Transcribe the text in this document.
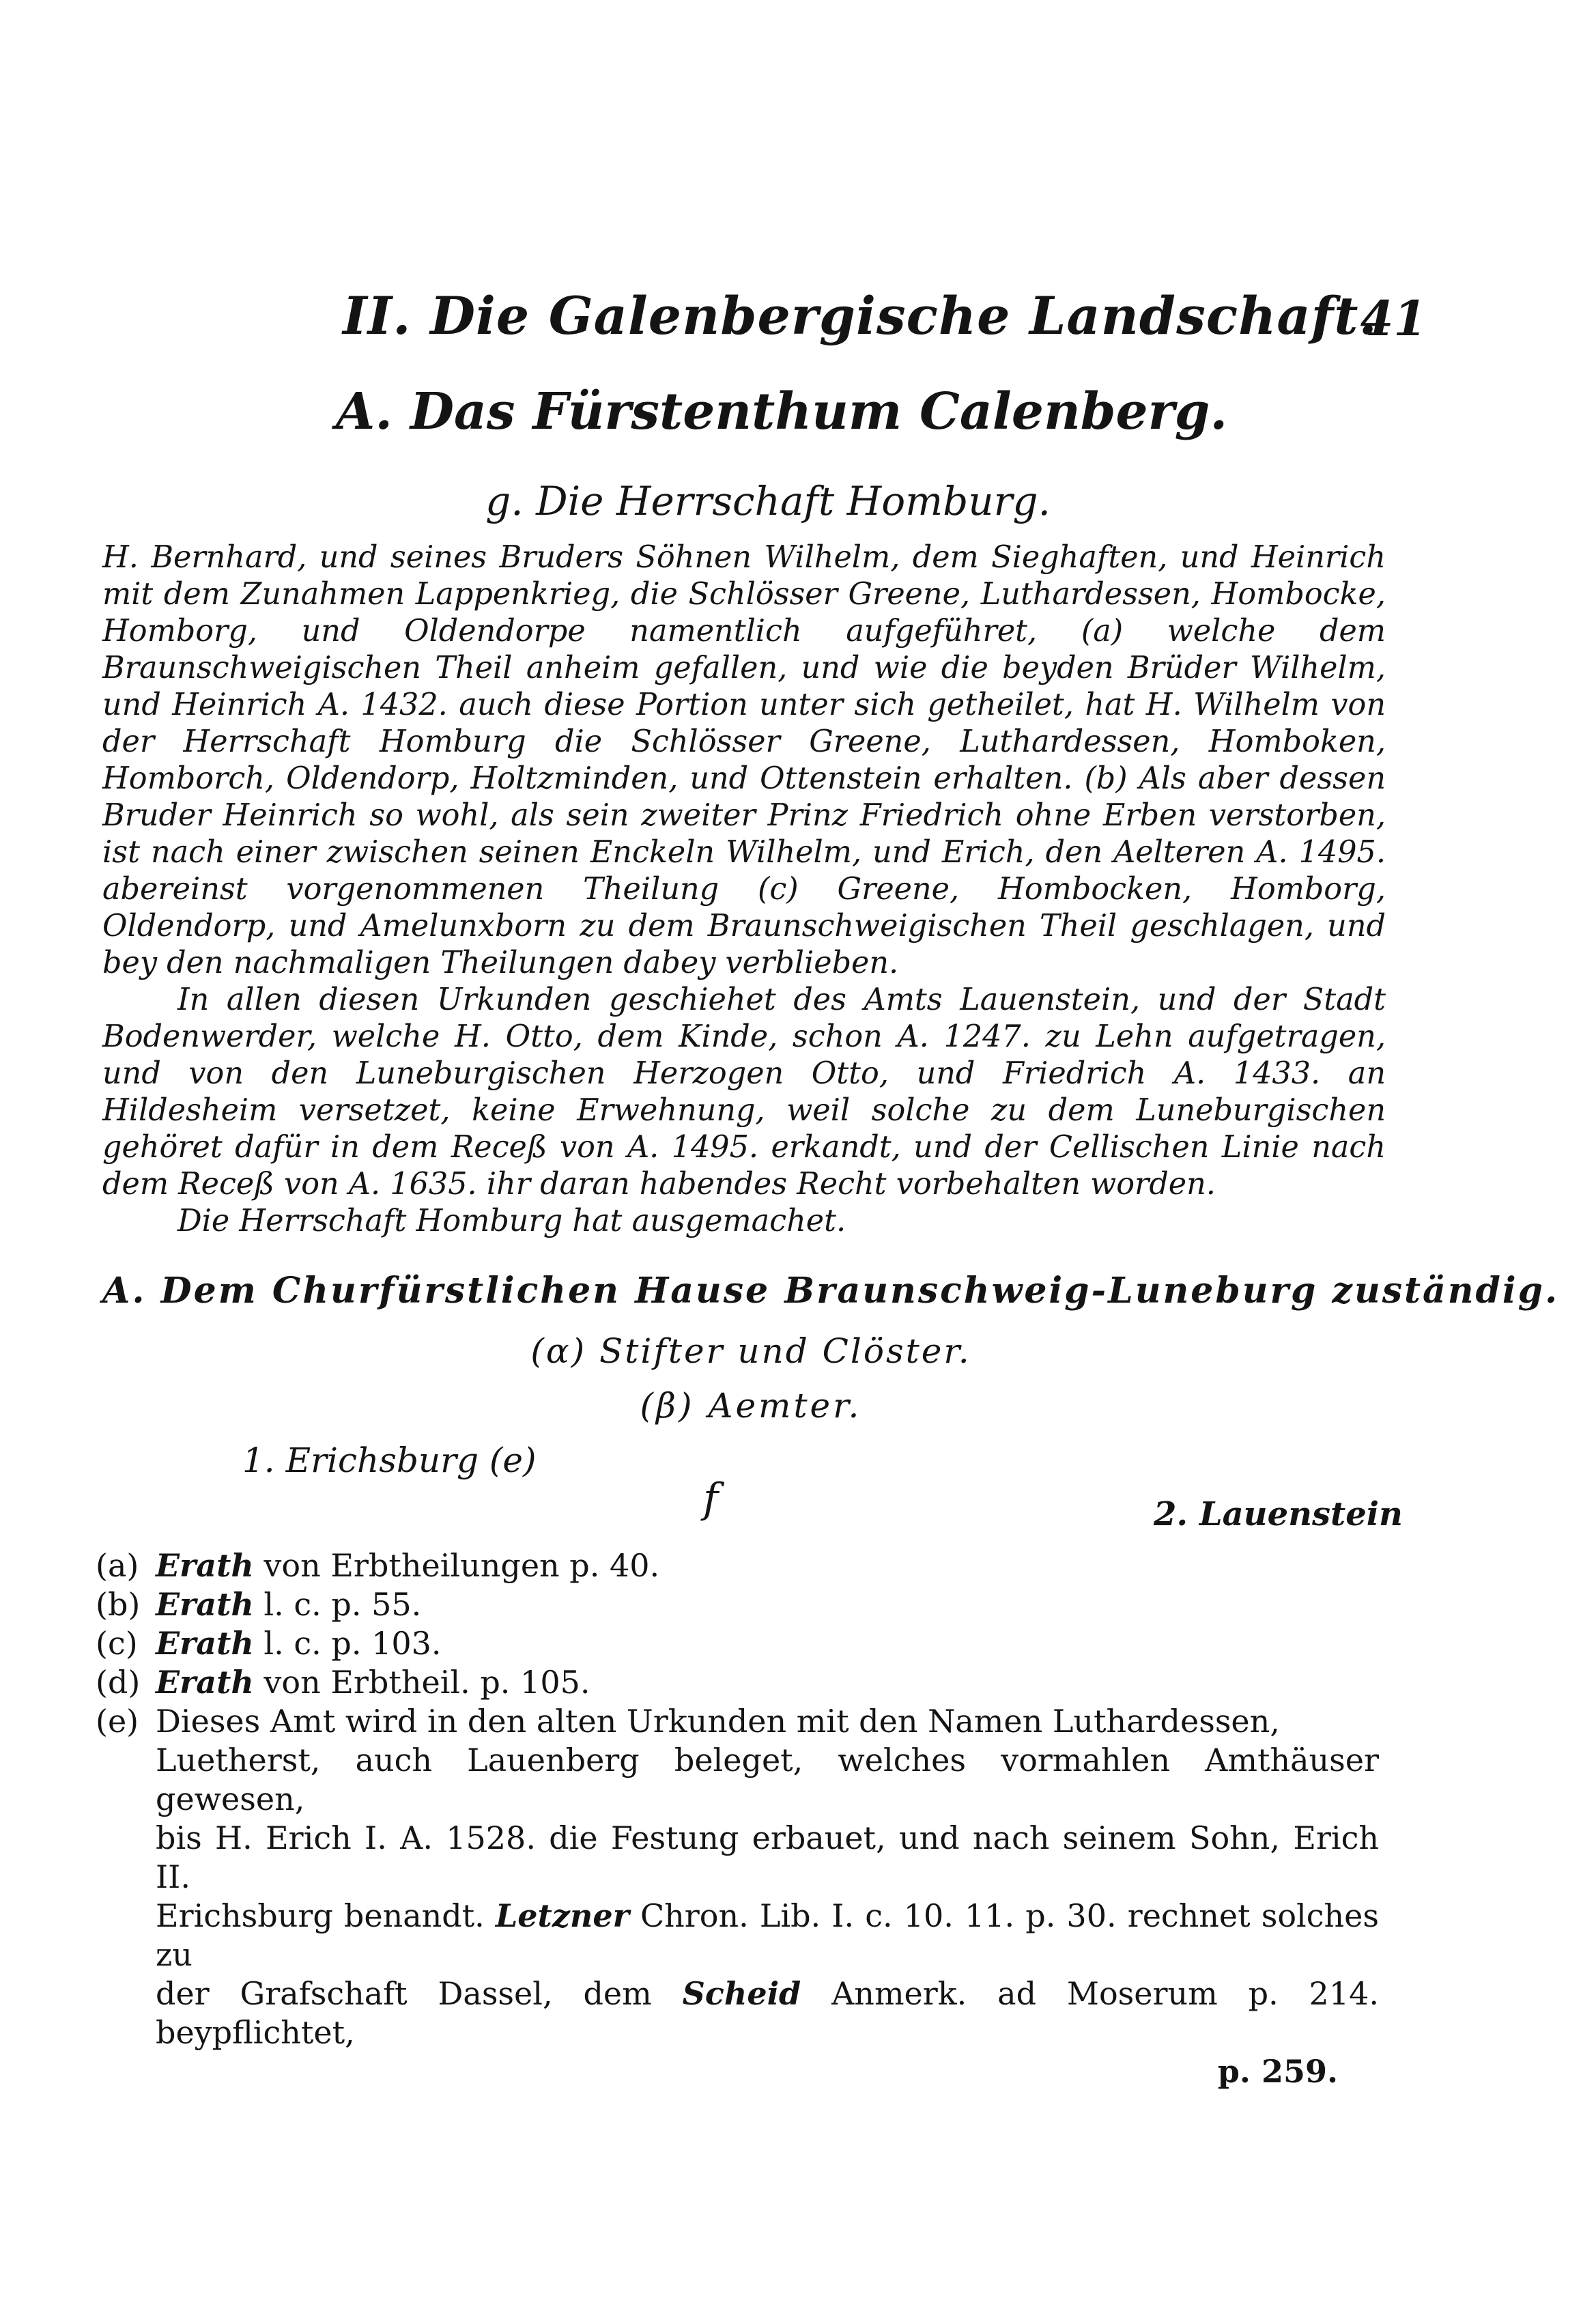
II. Die Galenbergische Landschaft.
41
A. Das Fürstenthum Calenberg.
g. Die Herrschaft Homburg.

H. Bernhard, und seines Bruders Söhnen Wilhelm, dem Sieghaften, und Heinrich mit dem Zunahmen Lappenkrieg, die Schlösser Greene, Luthardessen, Hombocke, Homborg, und Oldendorpe namentlich aufgeführet, (a) welche dem Braunschweigischen Theil anheim gefallen, und wie die beyden Brüder Wilhelm, und Heinrich A. 1432. auch diese Portion unter sich getheilet, hat H. Wilhelm von der Herrschaft Homburg die Schlösser Greene, Luthardessen, Homboken, Homborch, Oldendorp, Holtzminden, und Ottenstein erhalten. (b) Als aber dessen Bruder Heinrich so wohl, als sein zweiter Prinz Friedrich ohne Erben verstorben, ist nach einer zwischen seinen Enckeln Wilhelm, und Erich, den Aelteren A. 1495. abereinst vorgenommenen Theilung (c) Greene, Hombocken, Homborg, Oldendorp, und Amelunxborn zu dem Braunschweigischen Theil geschlagen, und bey den nachmaligen Theilungen dabey verblieben.

In allen diesen Urkunden geschiehet des Amts Lauenstein, und der Stadt Bodenwerder, welche H. Otto, dem Kinde, schon A. 1247. zu Lehn aufgetragen, und von den Luneburgischen Herzogen Otto, und Friedrich A. 1433. an Hildesheim versetzet, keine Erwehnung, weil solche zu dem Luneburgischen gehöret dafür in dem Receß von A. 1495. erkandt, und der Cellischen Linie nach dem Receß von A. 1635. ihr daran habendes Recht vorbehalten worden.

Die Herrschaft Homburg hat ausgemachet.

A. Dem Churfürstlichen Hause Braunschweig-Luneburg zuständig.
(α) Stifter und Clöster.
(β) Aemter.
1. Erichsburg (e)
f	2. Lauenstein
(a) Erath von Erbtheilungen p. 40.
(b) Erath l. c. p. 55.
(c) Erath l. c. p. 103.
(d) Erath von Erbtheil. p. 105.
(e) Dieses Amt wird in den alten Urkunden mit den Namen Luthardessen,
Luetherst, auch Lauenberg beleget, welches vormahlen Amthäuser gewesen,
bis H. Erich I. A. 1528. die Festung erbauet, und nach seinem Sohn, Erich II.
Erichsburg benandt. Letzner Chron. Lib. I. c. 10. 11. p. 30. rechnet solches zu
der Grafschaft Dassel, dem Scheid Anmerk. ad Moserum p. 214. beypflichtet,
p. 259.
